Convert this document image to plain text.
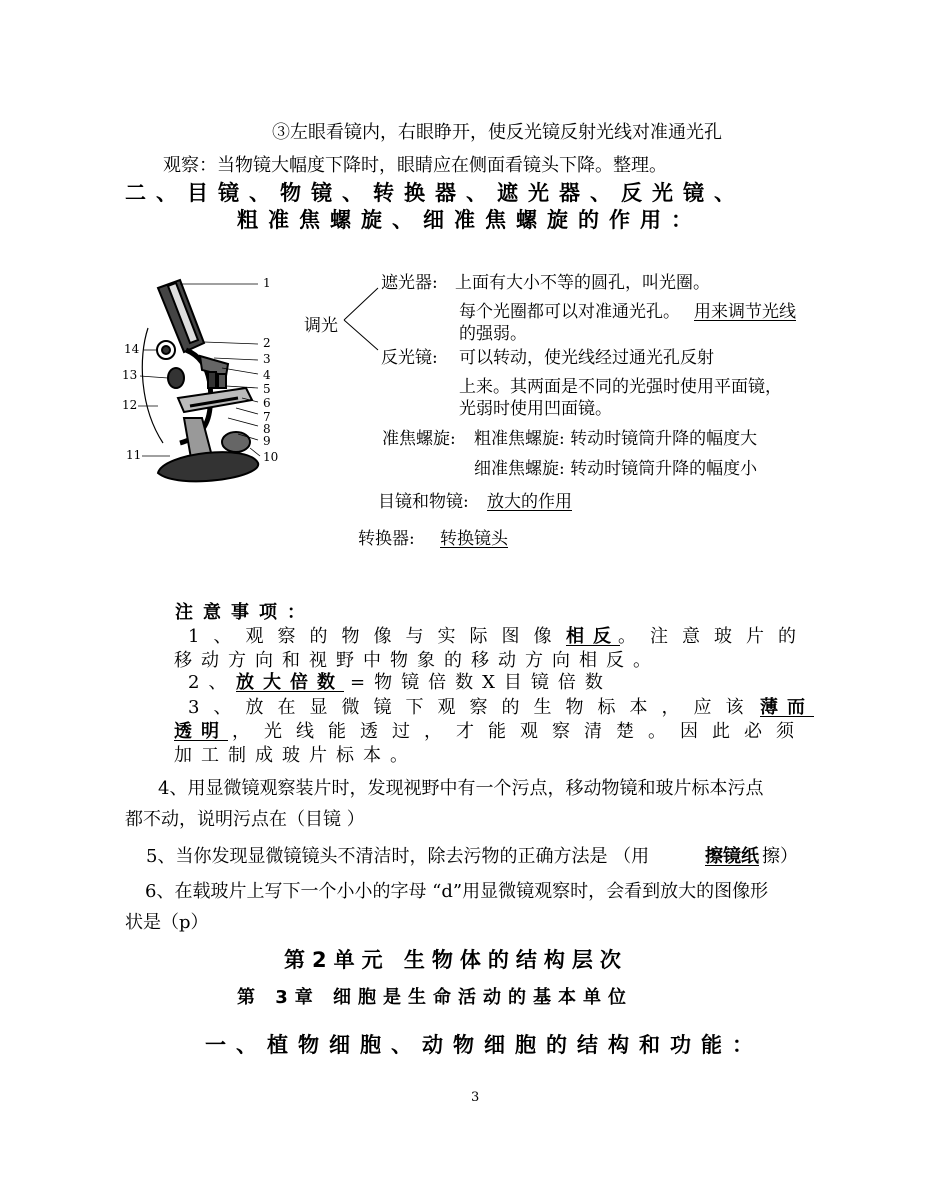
③左眼看镜内，右眼睁开，使反光镜反射光线对准通光孔
观察：当物镜大幅度下降时，眼睛应在侧面看镜头下降。整理。
二、目镜、物镜、转换器、遮光器、反光镜、
粗准焦螺旋、细准焦螺旋的作用：
1
2
3
4
5
6
7
8
9
10
11
12
13
14
调光
遮光器: 上面有大小不等的圆孔，叫光圈。
每个光圈都可以对准通光孔。 用来调节光线
的强弱。
反光镜: 可以转动，使光线经过通光孔反射
上来。其两面是不同的光强时使用平面镜，
光弱时使用凹面镜。
准焦螺旋: 粗准焦螺旋: 转动时镜筒升降的幅度大
细准焦螺旋: 转动时镜筒升降的幅度小
目镜和物镜: 放大的作用
转换器: 转换镜头
注意事项：
1、观察的物像与实际图像 相反
。注意玻片的
移动方向和视野中物象的移动方向相反。
2、 放大倍数 =物镜倍数X目镜倍数
3、放在显微镜下观察的生物标本，应该 薄而
透明 ，光线能透过，才能观察清楚。因此必须
加工制成玻片标本。
4、用显微镜观察装片时，发现视野中有一个污点，移动物镜和玻片标本污点
都不动，说明污点在（目镜 ）
5、当你发现显微镜镜头不清洁时，除去污物的正确方法是 （用	擦镜纸 擦）
6、在载玻片上写下一个小小的字母 “d”用显微镜观察时，会看到放大的图像形
状是（p）
第2单元 生物体的结构层次
第 3章 细胞是生命活动的基本单位
一、植物细胞、动物细胞的结构和功能：
3
